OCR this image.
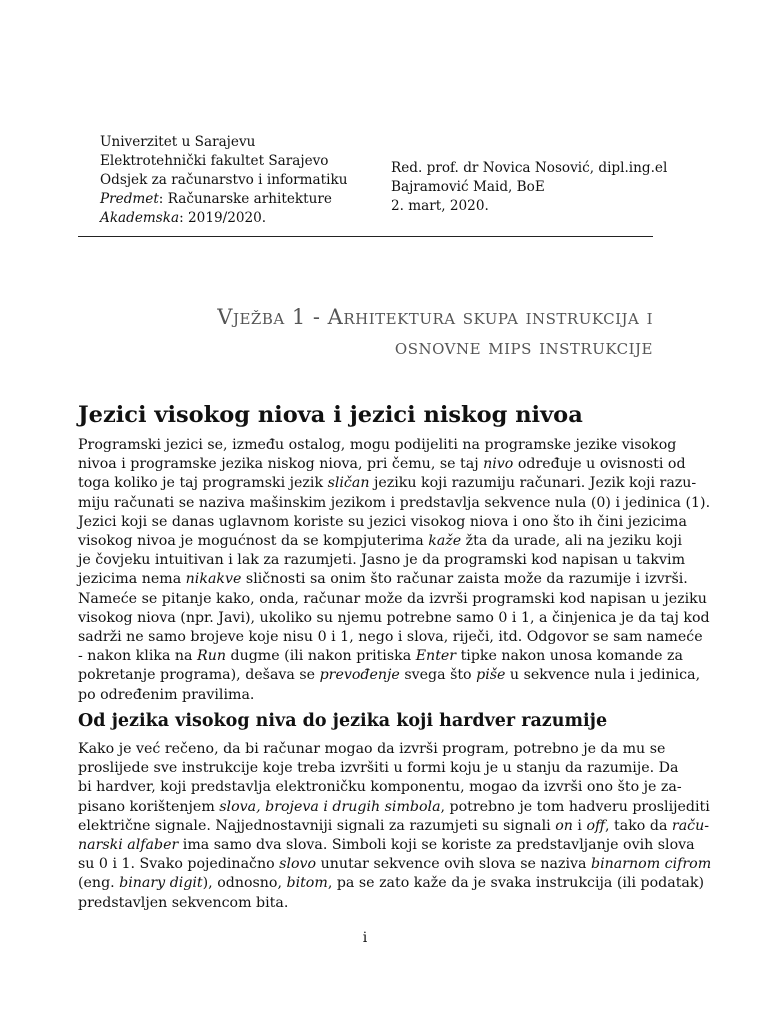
Univerzitet u Sarajevu
Elektrotehnički fakultet Sarajevo
Odsjek za računarstvo i informatiku
Predmet: Računarske arhitekture
Akademska: 2019/2020.
Red. prof. dr Novica Nosović, dipl.ing.el
Bajramović Maid, BoE
2. mart, 2020.
Vježba 1 - Arhitektura skupa instrukcija i
osnovne mips instrukcije
Jezici visokog niova i jezici niskog nivoa
Programski jezici se, između ostalog, mogu podijeliti na programske jezike visokog
nivoa i programske jezika niskog niova, pri čemu, se taj nivo određuje u ovisnosti od
toga koliko je taj programski jezik sličan jeziku koji razumiju računari. Jezik koji razu-
miju računati se naziva mašinskim jezikom i predstavlja sekvence nula (0) i jedinica (1).
Jezici koji se danas uglavnom koriste su jezici visokog niova i ono što ih čini jezicima
visokog nivoa je mogućnost da se kompjuterima kaže žta da urade, ali na jeziku koji
je čovjeku intuitivan i lak za razumjeti. Jasno je da programski kod napisan u takvim
jezicima nema nikakve sličnosti sa onim što računar zaista može da razumije i izvrši.
Nameće se pitanje kako, onda, računar može da izvrši programski kod napisan u jeziku
visokog niova (npr. Javi), ukoliko su njemu potrebne samo 0 i 1, a činjenica je da taj kod
sadrži ne samo brojeve koje nisu 0 i 1, nego i slova, riječi, itd. Odgovor se sam nameće
- nakon klika na Run dugme (ili nakon pritiska Enter tipke nakon unosa komande za
pokretanje programa), dešava se prevođenje svega što piše u sekvence nula i jedinica,
po određenim pravilima.
Od jezika visokog niva do jezika koji hardver razumije
Kako je već rečeno, da bi računar mogao da izvrši program, potrebno je da mu se
proslijede sve instrukcije koje treba izvršiti u formi koju je u stanju da razumije. Da
bi hardver, koji predstavlja elektroničku komponentu, mogao da izvrši ono što je za-
pisano korištenjem slova, brojeva i drugih simbola, potrebno je tom hadveru proslijediti
električne signale. Najjednostavniji signali za razumjeti su signali on i off, tako da raču-
narski alfaber ima samo dva slova. Simboli koji se koriste za predstavljanje ovih slova
su 0 i 1. Svako pojedinačno slovo unutar sekvence ovih slova se naziva binarnom cifrom
(eng. binary digit), odnosno, bitom, pa se zato kaže da je svaka instrukcija (ili podatak)
predstavljen sekvencom bita.
i
